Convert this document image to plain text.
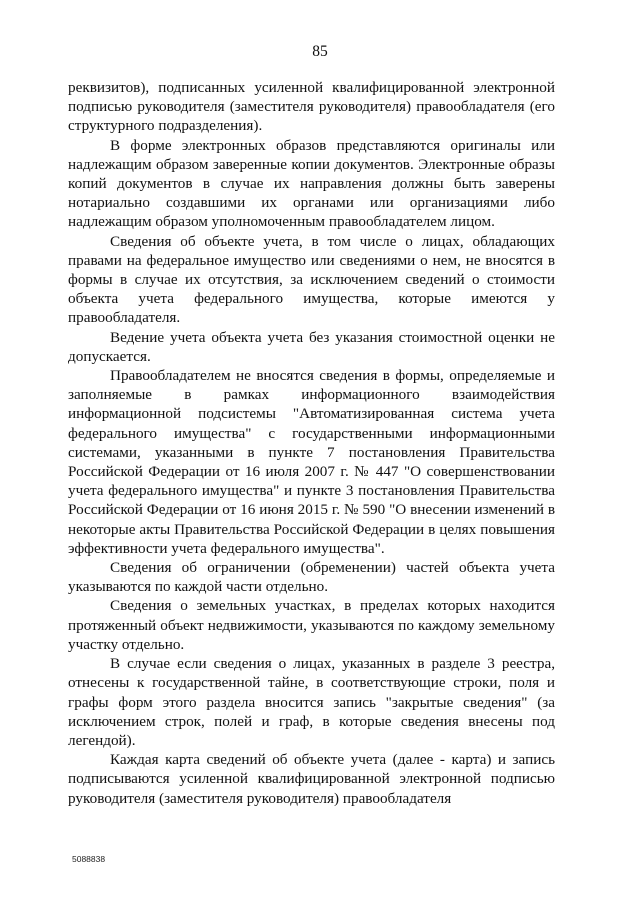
85

реквизитов), подписанных усиленной квалифицированной электронной подписью руководителя (заместителя руководителя) правообладателя (его структурного подразделения).

В форме электронных образов представляются оригиналы или надлежащим образом заверенные копии документов. Электронные образы копий документов в случае их направления должны быть заверены нотариально создавшими их органами или организациями либо надлежащим образом уполномоченным правообладателем лицом.

Сведения об объекте учета, в том числе о лицах, обладающих правами на федеральное имущество или сведениями о нем, не вносятся в формы в случае их отсутствия, за исключением сведений о стоимости объекта учета федерального имущества, которые имеются у правообладателя.

Ведение учета объекта учета без указания стоимостной оценки не допускается.

Правообладателем не вносятся сведения в формы, определяемые и заполняемые в рамках информационного взаимодействия информационной подсистемы "Автоматизированная система учета федерального имущества" с государственными информационными системами, указанными в пункте 7 постановления Правительства Российской Федерации от 16 июля 2007 г. № 447 "О совершенствовании учета федерального имущества" и пункте 3 постановления Правительства Российской Федерации от 16 июня 2015 г. № 590 "О внесении изменений в некоторые акты Правительства Российской Федерации в целях повышения эффективности учета федерального имущества".

Сведения об ограничении (обременении) частей объекта учета указываются по каждой части отдельно.

Сведения о земельных участках, в пределах которых находится протяженный объект недвижимости, указываются по каждому земельному участку отдельно.

В случае если сведения о лицах, указанных в разделе 3 реестра, отнесены к государственной тайне, в соответствующие строки, поля и графы форм этого раздела вносится запись "закрытые сведения" (за исключением строк, полей и граф, в которые сведения внесены под легендой).

Каждая карта сведений об объекте учета (далее - карта) и запись подписываются усиленной квалифицированной электронной подписью руководителя (заместителя руководителя) правообладателя

5088838
